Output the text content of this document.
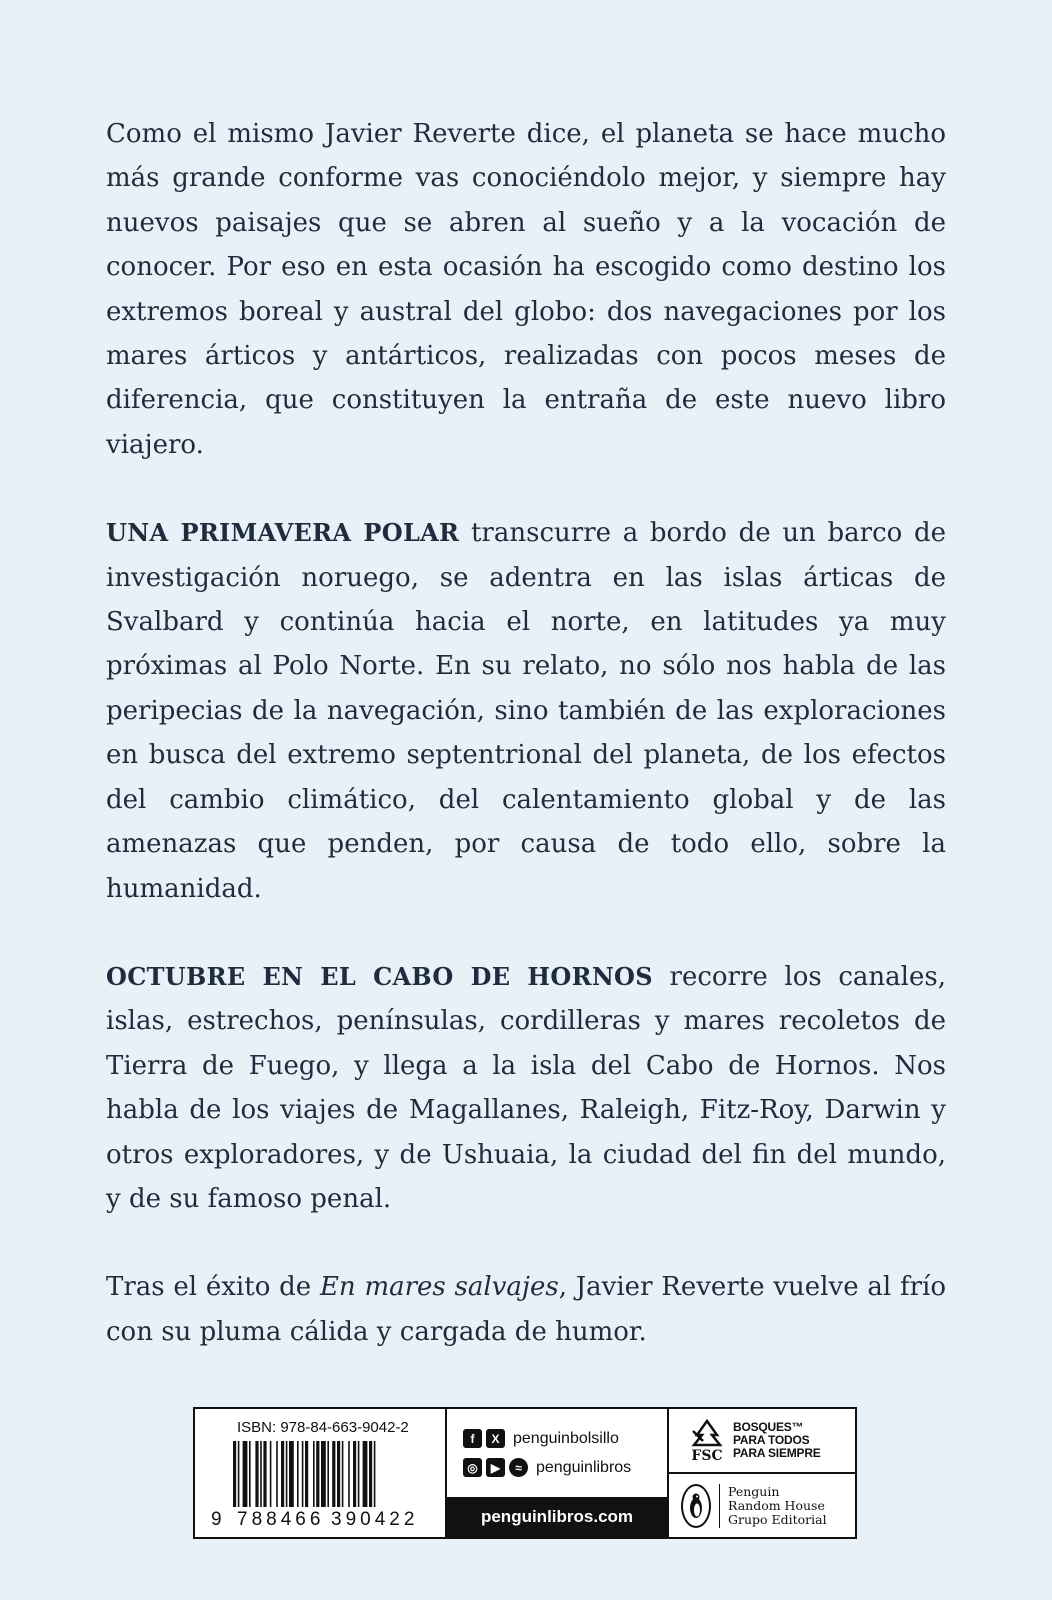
Como el mismo Javier Reverte dice, el planeta se hace mucho más grande conforme vas conociéndolo mejor, y siempre hay nuevos paisajes que se abren al sueño y a la vocación de conocer. Por eso en esta ocasión ha escogido como destino los extremos boreal y austral del globo: dos navegaciones por los mares árticos y antárticos, realizadas con pocos meses de diferencia, que constituyen la entraña de este nuevo libro viajero.

UNA PRIMAVERA POLAR transcurre a bordo de un barco de investigación noruego, se adentra en las islas árticas de Svalbard y continúa hacia el norte, en latitudes ya muy próximas al Polo Norte. En su relato, no sólo nos habla de las peripecias de la navegación, sino también de las exploraciones en busca del extremo septentrional del planeta, de los efectos del cambio climático, del calentamiento global y de las amenazas que penden, por causa de todo ello, sobre la humanidad.

OCTUBRE EN EL CABO DE HORNOS recorre los canales, islas, estrechos, penínsulas, cordilleras y mares recoletos de Tierra de Fuego, y llega a la isla del Cabo de Hornos. Nos habla de los viajes de Magallanes, Raleigh, Fitz-Roy, Darwin y otros exploradores, y de Ushuaia, la ciudad del fin del mundo, y de su famoso penal.

Tras el éxito de En mares salvajes, Javier Reverte vuelve al frío con su pluma cálida y cargada de humor.

ISBN: 978-84-663-9042-2
9 788466 390422
f	X penguinbolsillo
◎	▶	≈ penguinlibros
penguinlibros.com
FSC
BOSQUES™
PARA TODOS
PARA SIEMPRE
Penguin
Random House
Grupo Editorial
